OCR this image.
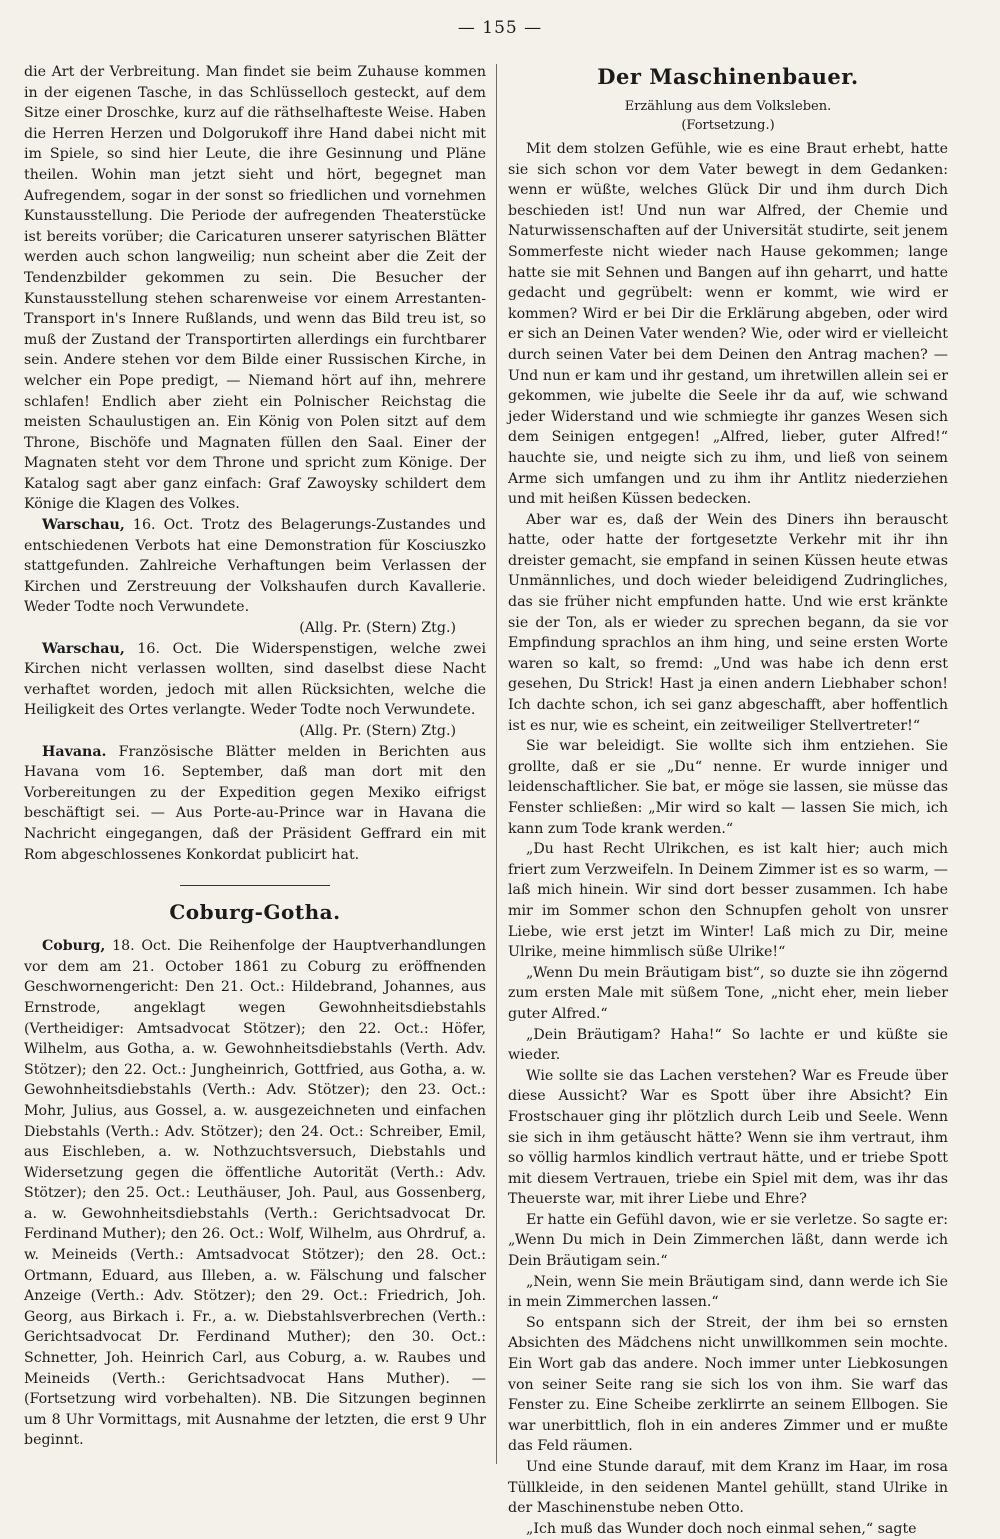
— 155 —

die Art der Verbreitung. Man findet sie beim Zuhause kommen in der eigenen Tasche, in das Schlüsselloch gesteckt, auf dem Sitze einer Droschke, kurz auf die räthselhafteste Weise. Haben die Herren Herzen und Dolgorukoff ihre Hand dabei nicht mit im Spiele, so sind hier Leute, die ihre Gesinnung und Pläne theilen. Wohin man jetzt sieht und hört, begegnet man Aufregendem, sogar in der sonst so friedlichen und vornehmen Kunstausstellung. Die Periode der aufregenden Theaterstücke ist bereits vorüber; die Caricaturen unserer satyrischen Blätter werden auch schon langweilig; nun scheint aber die Zeit der Tendenzbilder gekommen zu sein. Die Besucher der Kunstausstellung stehen scharenweise vor einem Arrestanten-Transport in's Innere Rußlands, und wenn das Bild treu ist, so muß der Zustand der Transportirten allerdings ein furchtbarer sein. Andere stehen vor dem Bilde einer Russischen Kirche, in welcher ein Pope predigt, — Niemand hört auf ihn, mehrere schlafen! Endlich aber zieht ein Polnischer Reichstag die meisten Schaulustigen an. Ein König von Polen sitzt auf dem Throne, Bischöfe und Magnaten füllen den Saal. Einer der Magnaten steht vor dem Throne und spricht zum Könige. Der Katalog sagt aber ganz einfach: Graf Zawoysky schildert dem Könige die Klagen des Volkes.

Warschau, 16. Oct. Trotz des Belagerungs-Zustandes und entschiedenen Verbots hat eine Demonstration für Kosciuszko stattgefunden. Zahlreiche Verhaftungen beim Verlassen der Kirchen und Zerstreuung der Volkshaufen durch Kavallerie. Weder Todte noch Verwundete.
(Allg. Pr. (Stern) Ztg.)

Warschau, 16. Oct. Die Widerspenstigen, welche zwei Kirchen nicht verlassen wollten, sind daselbst diese Nacht verhaftet worden, jedoch mit allen Rücksichten, welche die Heiligkeit des Ortes verlangte. Weder Todte noch Verwundete.
(Allg. Pr. (Stern) Ztg.)

Havana. Französische Blätter melden in Berichten aus Havana vom 16. September, daß man dort mit den Vorbereitungen zu der Expedition gegen Mexiko eifrigst beschäftigt sei. — Aus Porte-au-Prince war in Havana die Nachricht eingegangen, daß der Präsident Geffrard ein mit Rom abgeschlossenes Konkordat publicirt hat.

Coburg-Gotha.

Coburg, 18. Oct. Die Reihenfolge der Hauptverhandlungen vor dem am 21. October 1861 zu Coburg zu eröffnenden Geschwornengericht: Den 21. Oct.: Hildebrand, Johannes, aus Ernstrode, angeklagt wegen Gewohnheitsdiebstahls (Vertheidiger: Amtsadvocat Stötzer); den 22. Oct.: Höfer, Wilhelm, aus Gotha, a. w. Gewohnheitsdiebstahls (Verth. Adv. Stötzer); den 22. Oct.: Jungheinrich, Gottfried, aus Gotha, a. w. Gewohnheitsdiebstahls (Verth.: Adv. Stötzer); den 23. Oct.: Mohr, Julius, aus Gossel, a. w. ausgezeichneten und einfachen Diebstahls (Verth.: Adv. Stötzer); den 24. Oct.: Schreiber, Emil, aus Eischleben, a. w. Nothzuchtsversuch, Diebstahls und Widersetzung gegen die öffentliche Autorität (Verth.: Adv. Stötzer); den 25. Oct.: Leuthäuser, Joh. Paul, aus Gossenberg, a. w. Gewohnheitsdiebstahls (Verth.: Gerichtsadvocat Dr. Ferdinand Muther); den 26. Oct.: Wolf, Wilhelm, aus Ohrdruf, a. w. Meineids (Verth.: Amtsadvocat Stötzer); den 28. Oct.: Ortmann, Eduard, aus Illeben, a. w. Fälschung und falscher Anzeige (Verth.: Adv. Stötzer); den 29. Oct.: Friedrich, Joh. Georg, aus Birkach i. Fr., a. w. Diebstahlsverbrechen (Verth.: Gerichtsadvocat Dr. Ferdinand Muther); den 30. Oct.: Schnetter, Joh. Heinrich Carl, aus Coburg, a. w. Raubes und Meineids (Verth.: Gerichtsadvocat Hans Muther). — (Fortsetzung wird vorbehalten). NB. Die Sitzungen beginnen um 8 Uhr Vormittags, mit Ausnahme der letzten, die erst 9 Uhr beginnt.

Der Maschinenbauer.
Erzählung aus dem Volksleben.
(Fortsetzung.)

Mit dem stolzen Gefühle, wie es eine Braut erhebt, hatte sie sich schon vor dem Vater bewegt in dem Gedanken: wenn er wüßte, welches Glück Dir und ihm durch Dich beschieden ist! Und nun war Alfred, der Chemie und Naturwissenschaften auf der Universität studirte, seit jenem Sommerfeste nicht wieder nach Hause gekommen; lange hatte sie mit Sehnen und Bangen auf ihn geharrt, und hatte gedacht und gegrübelt: wenn er kommt, wie wird er kommen? Wird er bei Dir die Erklärung abgeben, oder wird er sich an Deinen Vater wenden? Wie, oder wird er vielleicht durch seinen Vater bei dem Deinen den Antrag machen? — Und nun er kam und ihr gestand, um ihretwillen allein sei er gekommen, wie jubelte die Seele ihr da auf, wie schwand jeder Widerstand und wie schmiegte ihr ganzes Wesen sich dem Seinigen entgegen! „Alfred, lieber, guter Alfred!“ hauchte sie, und neigte sich zu ihm, und ließ von seinem Arme sich umfangen und zu ihm ihr Antlitz niederziehen und mit heißen Küssen bedecken.

Aber war es, daß der Wein des Diners ihn berauscht hatte, oder hatte der fortgesetzte Verkehr mit ihr ihn dreister gemacht, sie empfand in seinen Küssen heute etwas Unmännliches, und doch wieder beleidigend Zudringliches, das sie früher nicht empfunden hatte. Und wie erst kränkte sie der Ton, als er wieder zu sprechen begann, da sie vor Empfindung sprachlos an ihm hing, und seine ersten Worte waren so kalt, so fremd: „Und was habe ich denn erst gesehen, Du Strick! Hast ja einen andern Liebhaber schon! Ich dachte schon, ich sei ganz abgeschafft, aber hoffentlich ist es nur, wie es scheint, ein zeitweiliger Stellvertreter!“

Sie war beleidigt. Sie wollte sich ihm entziehen. Sie grollte, daß er sie „Du“ nenne. Er wurde inniger und leidenschaftlicher. Sie bat, er möge sie lassen, sie müsse das Fenster schließen: „Mir wird so kalt — lassen Sie mich, ich kann zum Tode krank werden.“

„Du hast Recht Ulrikchen, es ist kalt hier; auch mich friert zum Verzweifeln. In Deinem Zimmer ist es so warm, — laß mich hinein. Wir sind dort besser zusammen. Ich habe mir im Sommer schon den Schnupfen geholt von unsrer Liebe, wie erst jetzt im Winter! Laß mich zu Dir, meine Ulrike, meine himmlisch süße Ulrike!“

„Wenn Du mein Bräutigam bist“, so duzte sie ihn zögernd zum ersten Male mit süßem Tone, „nicht eher, mein lieber guter Alfred.“

„Dein Bräutigam? Haha!“ So lachte er und küßte sie wieder.

Wie sollte sie das Lachen verstehen? War es Freude über diese Aussicht? War es Spott über ihre Absicht? Ein Frostschauer ging ihr plötzlich durch Leib und Seele. Wenn sie sich in ihm getäuscht hätte? Wenn sie ihm vertraut, ihm so völlig harmlos kindlich vertraut hätte, und er triebe Spott mit diesem Vertrauen, triebe ein Spiel mit dem, was ihr das Theuerste war, mit ihrer Liebe und Ehre?

Er hatte ein Gefühl davon, wie er sie verletze. So sagte er: „Wenn Du mich in Dein Zimmerchen läßt, dann werde ich Dein Bräutigam sein.“

„Nein, wenn Sie mein Bräutigam sind, dann werde ich Sie in mein Zimmerchen lassen.“

So entspann sich der Streit, der ihm bei so ernsten Absichten des Mädchens nicht unwillkommen sein mochte. Ein Wort gab das andere. Noch immer unter Liebkosungen von seiner Seite rang sie sich los von ihm. Sie warf das Fenster zu. Eine Scheibe zerklirrte an seinem Ellbogen. Sie war unerbittlich, floh in ein anderes Zimmer und er mußte das Feld räumen.

Und eine Stunde darauf, mit dem Kranz im Haar, im rosa Tüllkleide, in den seidenen Mantel gehüllt, stand Ulrike in der Maschinenstube neben Otto.

„Ich muß das Wunder doch noch einmal sehen,“ sagte
